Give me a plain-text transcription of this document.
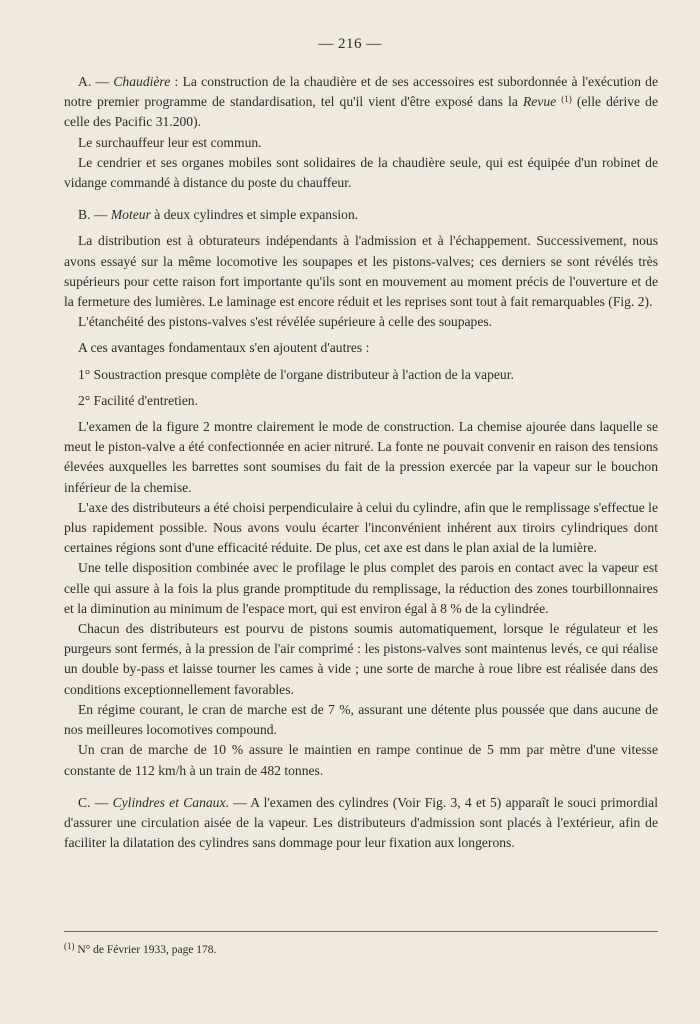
— 216 —

A. — Chaudière : La construction de la chaudière et de ses accessoires est subordonnée à l'exécution de notre premier programme de standardisation, tel qu'il vient d'être exposé dans la Revue $^{(1)}$ (elle dérive de celle des Pacific 31.200).

Le surchauffeur leur est commun.

Le cendrier et ses organes mobiles sont solidaires de la chaudière seule, qui est équipée d'un robinet de vidange commandé à distance du poste du chauffeur.

B. — Moteur à deux cylindres et simple expansion.

La distribution est à obturateurs indépendants à l'admission et à l'échappement. Successivement, nous avons essayé sur la même locomotive les soupapes et les pistons-valves; ces derniers se sont révélés très supérieurs pour cette raison fort importante qu'ils sont en mouvement au moment précis de l'ouverture et de la fermeture des lumières. Le laminage est encore réduit et les reprises sont tout à fait remarquables (Fig. 2).

L'étanchéité des pistons-valves s'est révélée supérieure à celle des soupapes.

A ces avantages fondamentaux s'en ajoutent d'autres :

1° Soustraction presque complète de l'organe distributeur à l'action de la vapeur.

2° Facilité d'entretien.

L'examen de la figure 2 montre clairement le mode de construction. La chemise ajourée dans laquelle se meut le piston-valve a été confectionnée en acier nitruré. La fonte ne pouvait convenir en raison des tensions élevées auxquelles les barrettes sont soumises du fait de la pression exercée par la vapeur sur le bouchon inférieur de la chemise.

L'axe des distributeurs a été choisi perpendiculaire à celui du cylindre, afin que le remplissage s'effectue le plus rapidement possible. Nous avons voulu écarter l'inconvénient inhérent aux tiroirs cylindriques dont certaines régions sont d'une efficacité réduite. De plus, cet axe est dans le plan axial de la lumière.

Une telle disposition combinée avec le profilage le plus complet des parois en contact avec la vapeur est celle qui assure à la fois la plus grande promptitude du remplissage, la réduction des zones tourbillonnaires et la diminution au minimum de l'espace mort, qui est environ égal à 8 % de la cylindrée.

Chacun des distributeurs est pourvu de pistons soumis automatiquement, lorsque le régulateur et les purgeurs sont fermés, à la pression de l'air comprimé : les pistons-valves sont maintenus levés, ce qui réalise un double by-pass et laisse tourner les cames à vide ; une sorte de marche à roue libre est réalisée dans des conditions exceptionnellement favorables.

En régime courant, le cran de marche est de 7 %, assurant une détente plus poussée que dans aucune de nos meilleures locomotives compound.

Un cran de marche de 10 % assure le maintien en rampe continue de 5 mm par mètre d'une vitesse constante de 112 km/h à un train de 482 tonnes.

C. — Cylindres et Canaux. — A l'examen des cylindres (Voir Fig. 3, 4 et 5) apparaît le souci primordial d'assurer une circulation aisée de la vapeur. Les distributeurs d'admission sont placés à l'extérieur, afin de faciliter la dilatation des cylindres sans dommage pour leur fixation aux longerons.

$^{(1)}$ N° de Février 1933, page 178.
